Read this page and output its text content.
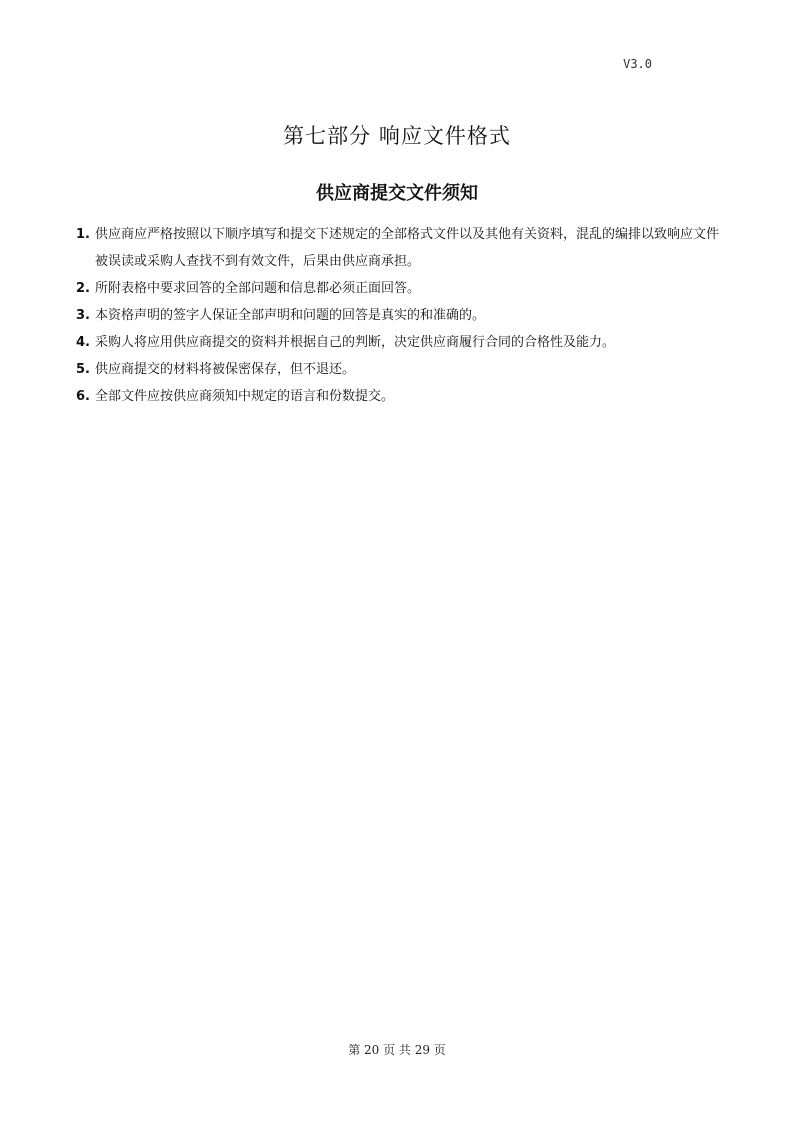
V3.0
第七部分 响应文件格式
供应商提交文件须知
1. 供应商应严格按照以下顺序填写和提交下述规定的全部格式文件以及其他有关资料，混乱的编排以致响应文件被误读或采购人查找不到有效文件，后果由供应商承担。
2. 所附表格中要求回答的全部问题和信息都必须正面回答。
3. 本资格声明的签字人保证全部声明和问题的回答是真实的和准确的。
4. 采购人将应用供应商提交的资料并根据自己的判断，决定供应商履行合同的合格性及能力。
5. 供应商提交的材料将被保密保存，但不退还。
6. 全部文件应按供应商须知中规定的语言和份数提交。
第 20 页 共 29 页
